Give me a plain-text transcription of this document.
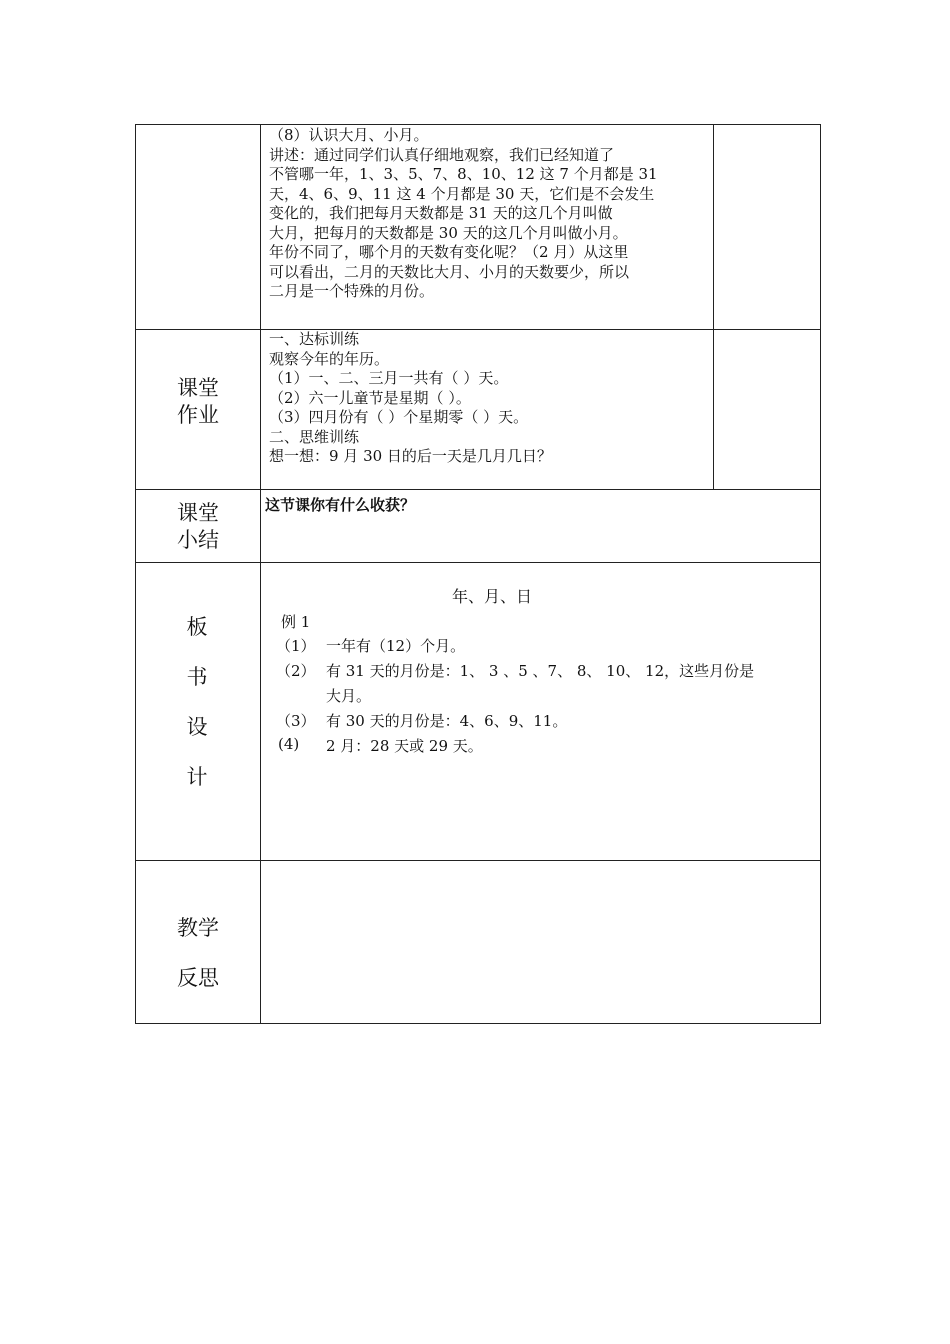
（8）认识大月、小月。

讲述：通过同学们认真仔细地观察，我们已经知道了

不管哪一年，1、3、5、7、8、10、12 这 7 个月都是 31

天，4、6、9、11 这 4 个月都是 30 天，它们是不会发生

变化的，我们把每月天数都是 31 天的这几个月叫做

大月，把每月的天数都是 30 天的这几个月叫做小月。

年份不同了，哪个月的天数有变化呢？（2 月）从这里

可以看出，二月的天数比大月、小月的天数要少，所以

二月是一个特殊的月份。

课堂
作业

一、达标训练

观察今年的年历。

（1）一、二、三月一共有（ ）天。

（2）六一儿童节是星期（ ）。

（3）四月份有（ ）个星期零（ ）天。

二、思维训练

想一想：9 月 30 日的后一天是几月几日？

课堂
小结
这节课你有什么收获？
板
书
设
计
年、月、日
例 1
（1） 一年有（12）个月。
（2） 有 31 天的月份是：1、 3 、5 、7、 8、 10、 12，这些月份是
大月。
（3） 有 30 天的月份是：4、6、9、11。
(4) 2 月：28 天或 29 天。
教学
反思
